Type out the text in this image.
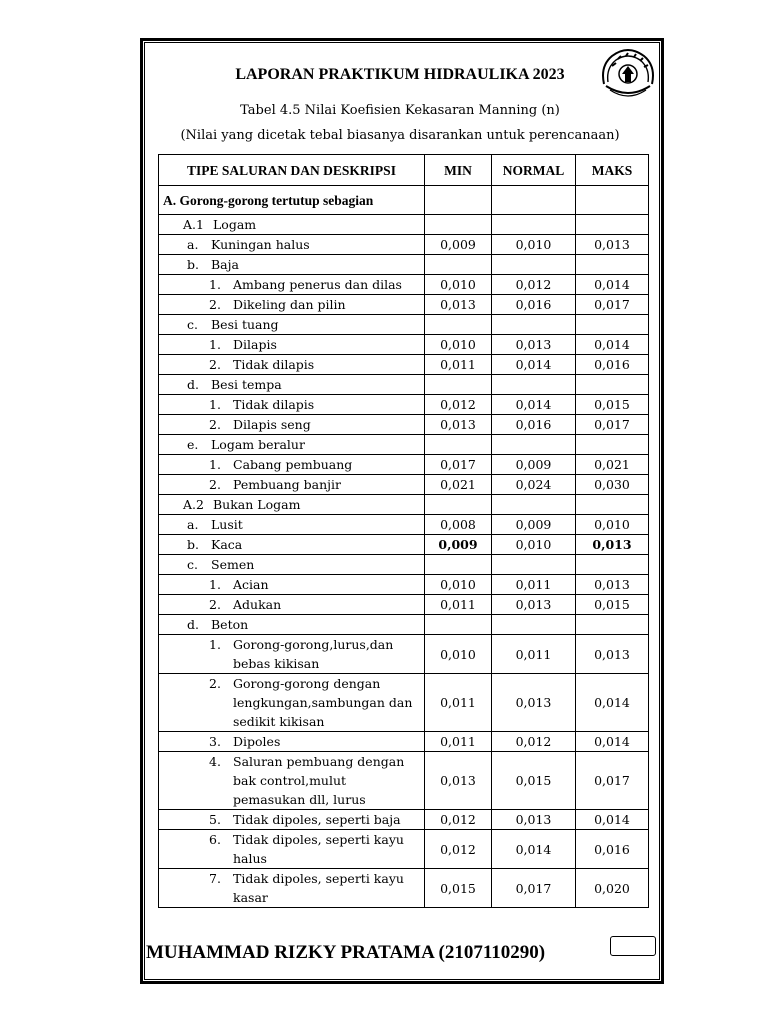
LAPORAN PRAKTIKUM HIDRAULIKA 2023
Tabel 4.5 Nilai Koefisien Kekasaran Manning (n)
(Nilai yang dicetak tebal biasanya disarankan untuk perencanaan)
TIPE SALURAN DAN DESKRIPSI	MIN	NORMAL	MAKS
A. Gorong-gorong tertutup sebagian			

A.1 Logam			

a. Kuningan halus	0,009	0,010	0,013

b. Baja			

1. Ambang penerus dan dilas	0,010	0,012	0,014

2. Dikeling dan pilin	0,013	0,016	0,017

c. Besi tuang			

1. Dilapis	0,010	0,013	0,014

2. Tidak dilapis	0,011	0,014	0,016

d. Besi tempa			

1. Tidak dilapis	0,012	0,014	0,015

2. Dilapis seng	0,013	0,016	0,017

e. Logam beralur			

1. Cabang pembuang	0,017	0,009	0,021

2. Pembuang banjir	0,021	0,024	0,030

A.2 Bukan Logam			

a. Lusit	0,008	0,009	0,010

b. Kaca	0,009	0,010	0,013

c. Semen			

1. Acian	0,010	0,011	0,013

2. Adukan	0,011	0,013	0,015

d. Beton			

1. Gorong-gorong,lurus,dan bebas kikisan	0,010	0,011	0,013

2. Gorong-gorong dengan lengkungan,sambungan dan sedikit kikisan	0,011	0,013	0,014

3. Dipoles	0,011	0,012	0,014

4. Saluran pembuang dengan bak control,mulut pemasukan dll, lurus	0,013	0,015	0,017

5. Tidak dipoles, seperti baja	0,012	0,013	0,014

6. Tidak dipoles, seperti kayu halus	0,012	0,014	0,016

7. Tidak dipoles, seperti kayu kasar	0,015	0,017	0,020
MUHAMMAD RIZKY PRATAMA (2107110290)
